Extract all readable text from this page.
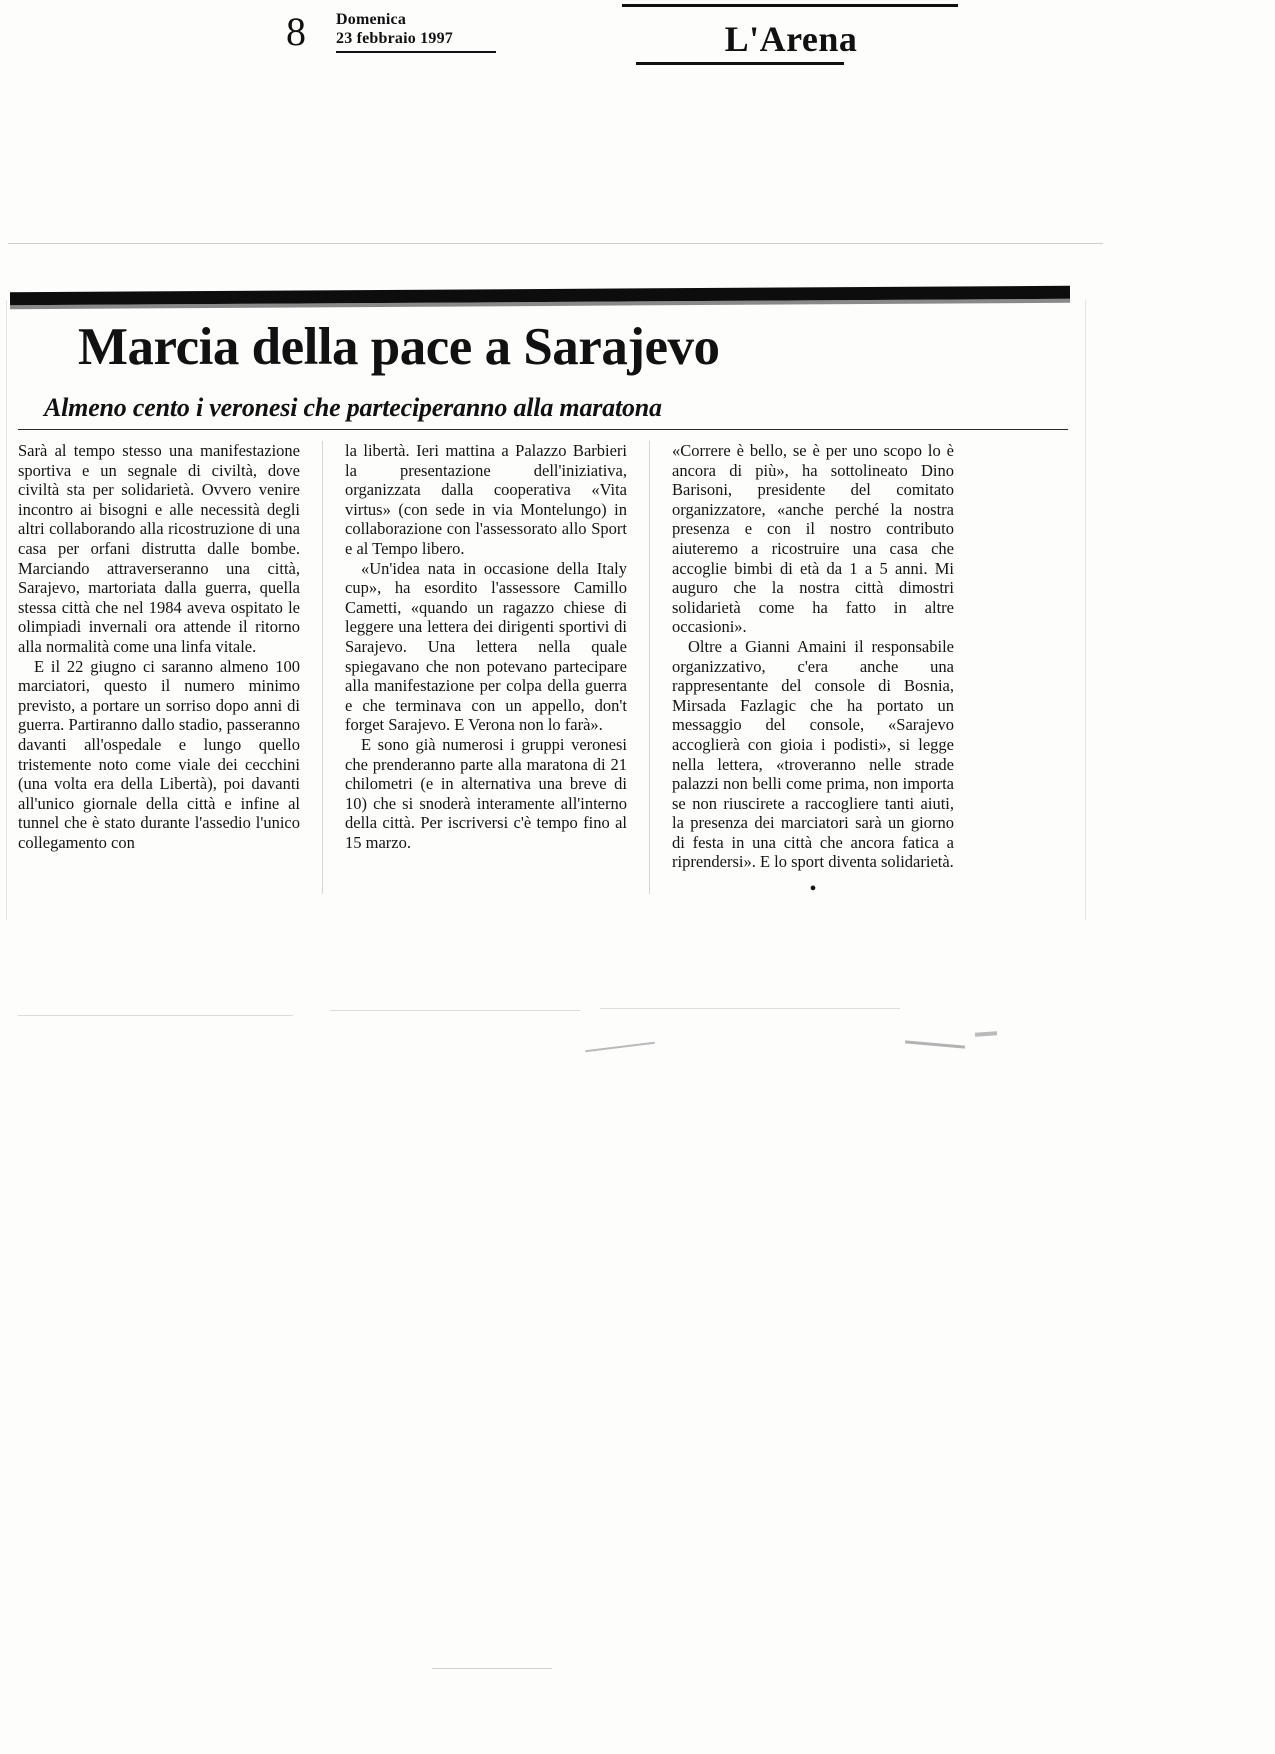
8 Domenica
23 febbraio 1997	L'Arena
Marcia della pace a Sarajevo
Almeno cento i veronesi che parteciperanno alla maratona

Sarà al tempo stesso una manifestazione sportiva e un segnale di civiltà, dove civiltà sta per solidarietà. Ovvero venire incontro ai bisogni e alle necessità degli altri collaborando alla ricostruzione di una casa per orfani distrutta dalle bombe. Marciando attraverseranno una città, Sarajevo, martoriata dalla guerra, quella stessa città che nel 1984 aveva ospitato le olimpiadi invernali ora attende il ritorno alla normalità come una linfa vitale.

E il 22 giugno ci saranno almeno 100 marciatori, questo il numero minimo previsto, a portare un sorriso dopo anni di guerra. Partiranno dallo stadio, passeranno davanti all'ospedale e lungo quello tristemente noto come viale dei cecchini (una volta era della Libertà), poi davanti all'unico giornale della città e infine al tunnel che è stato durante l'assedio l'unico collegamento con

la libertà. Ieri mattina a Palazzo Barbieri la presentazione dell'iniziativa, organizzata dalla cooperativa «Vita virtus» (con sede in via Montelungo) in collaborazione con l'assessorato allo Sport e al Tempo libero.

«Un'idea nata in occasione della Italy cup», ha esordito l'assessore Camillo Cametti, «quando un ragazzo chiese di leggere una lettera dei dirigenti sportivi di Sarajevo. Una lettera nella quale spiegavano che non potevano partecipare alla manifestazione per colpa della guerra e che terminava con un appello, don't forget Sarajevo. E Verona non lo farà».

E sono già numerosi i gruppi veronesi che prenderanno parte alla maratona di 21 chilometri (e in alternativa una breve di 10) che si snoderà interamente all'interno della città. Per iscriversi c'è tempo fino al 15 marzo.

«Correre è bello, se è per uno scopo lo è ancora di più», ha sottolineato Dino Barisoni, presidente del comitato organizzatore, «anche perché la nostra presenza e con il nostro contributo aiuteremo a ricostruire una casa che accoglie bimbi di età da 1 a 5 anni. Mi auguro che la nostra città dimostri solidarietà come ha fatto in altre occasioni».

Oltre a Gianni Amaini il responsabile organizzativo, c'era anche una rappresentante del console di Bosnia, Mirsada Fazlagic che ha portato un messaggio del console, «Sarajevo accoglierà con gioia i podisti», si legge nella lettera, «troveranno nelle strade palazzi non belli come prima, non importa se non riuscirete a raccogliere tanti aiuti, la presenza dei marciatori sarà un giorno di festa in una città che ancora fatica a riprendersi». E lo sport diventa solidarietà.

•
